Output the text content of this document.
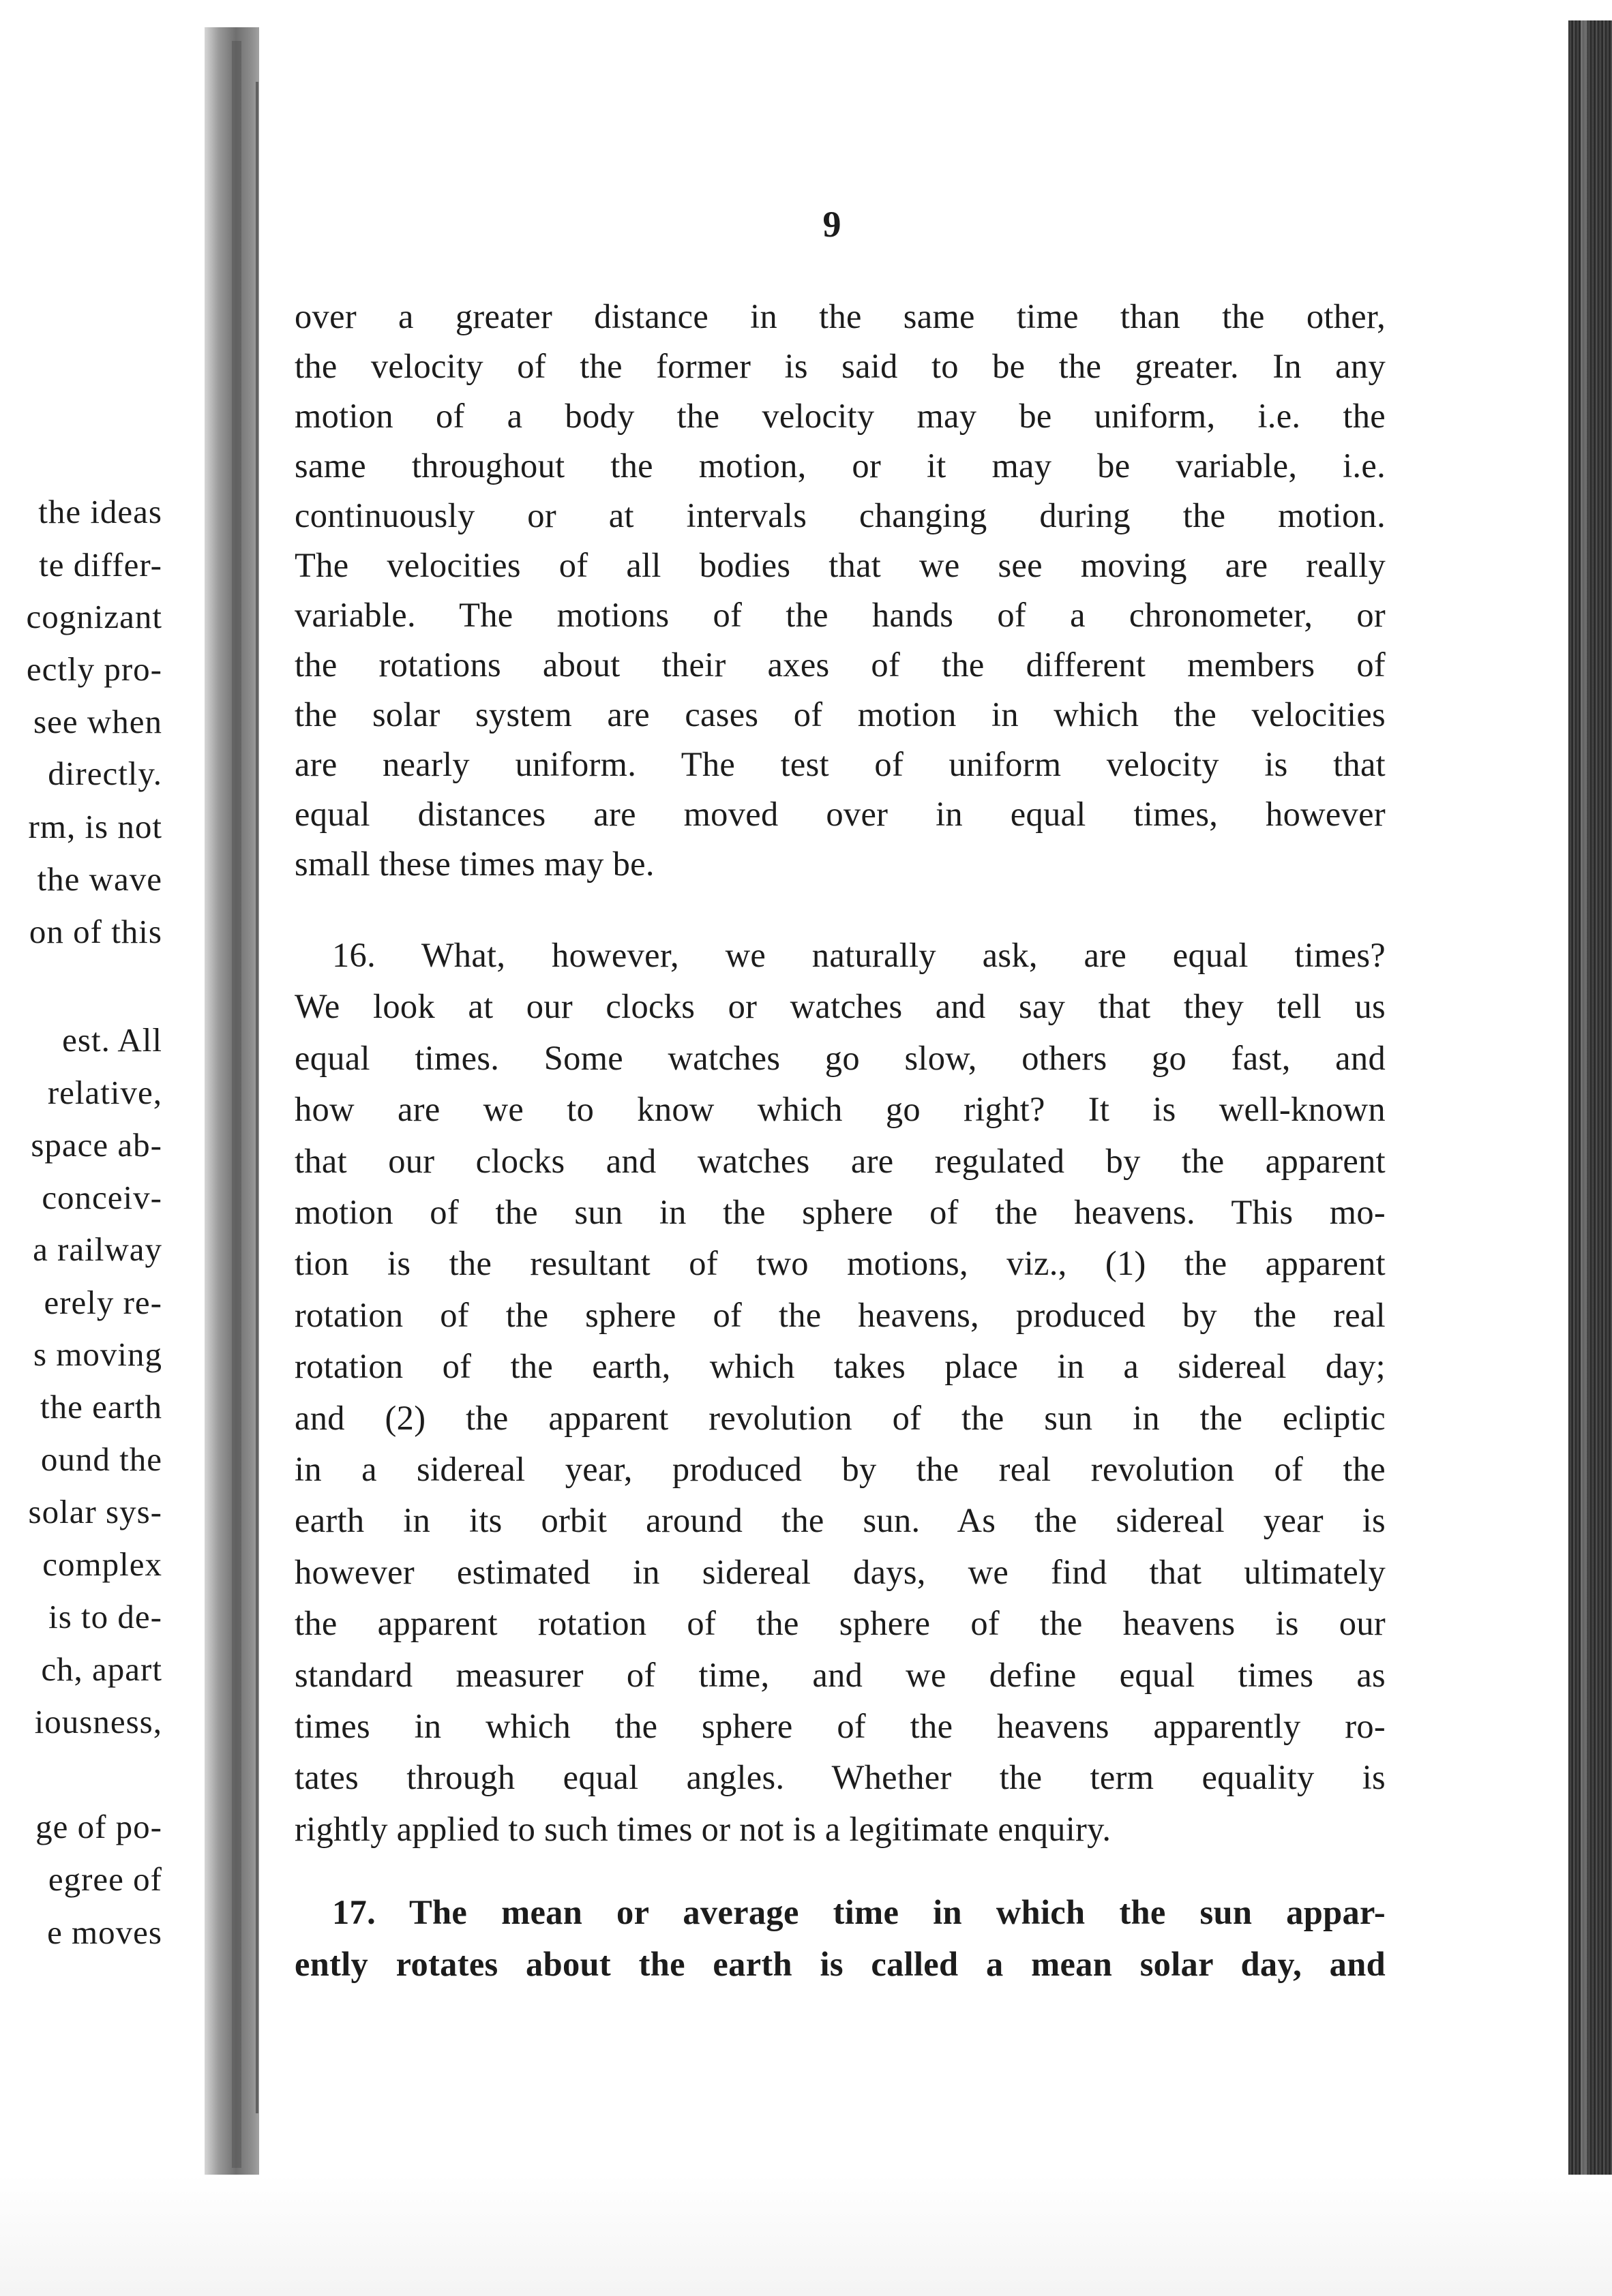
the ideas
te differ-
cognizant
ectly pro-
see when
directly.
rm, is not
the wave
on of this
est. All
relative,
space ab-
conceiv-
a railway
erely re-
s moving
the earth
ound the
solar sys-
complex
is to de-
ch, apart
iousness,
ge of po-
egree of
e moves
9
over a greater distance in the same time than the other,
the velocity of the former is said to be the greater. In any
motion of a body the velocity may be uniform, i.e. the
same throughout the motion, or it may be variable, i.e.
continuously or at intervals changing during the motion.
The velocities of all bodies that we see moving are really
variable. The motions of the hands of a chronometer, or
the rotations about their axes of the different members of
the solar system are cases of motion in which the velocities
are nearly uniform. The test of uniform velocity is that
equal distances are moved over in equal times, however
small these times may be.
16. What, however, we naturally ask, are equal times?
We look at our clocks or watches and say that they tell us
equal times. Some watches go slow, others go fast, and
how are we to know which go right? It is well-known
that our clocks and watches are regulated by the apparent
motion of the sun in the sphere of the heavens. This mo-
tion is the resultant of two motions, viz., (1) the apparent
rotation of the sphere of the heavens, produced by the real
rotation of the earth, which takes place in a sidereal day;
and (2) the apparent revolution of the sun in the ecliptic
in a sidereal year, produced by the real revolution of the
earth in its orbit around the sun. As the sidereal year is
however estimated in sidereal days, we find that ultimately
the apparent rotation of the sphere of the heavens is our
standard measurer of time, and we define equal times as
times in which the sphere of the heavens apparently ro-
tates through equal angles. Whether the term equality is
rightly applied to such times or not is a legitimate enquiry.
17. The mean or average time in which the sun appar-
ently rotates about the earth is called a mean solar day, and
